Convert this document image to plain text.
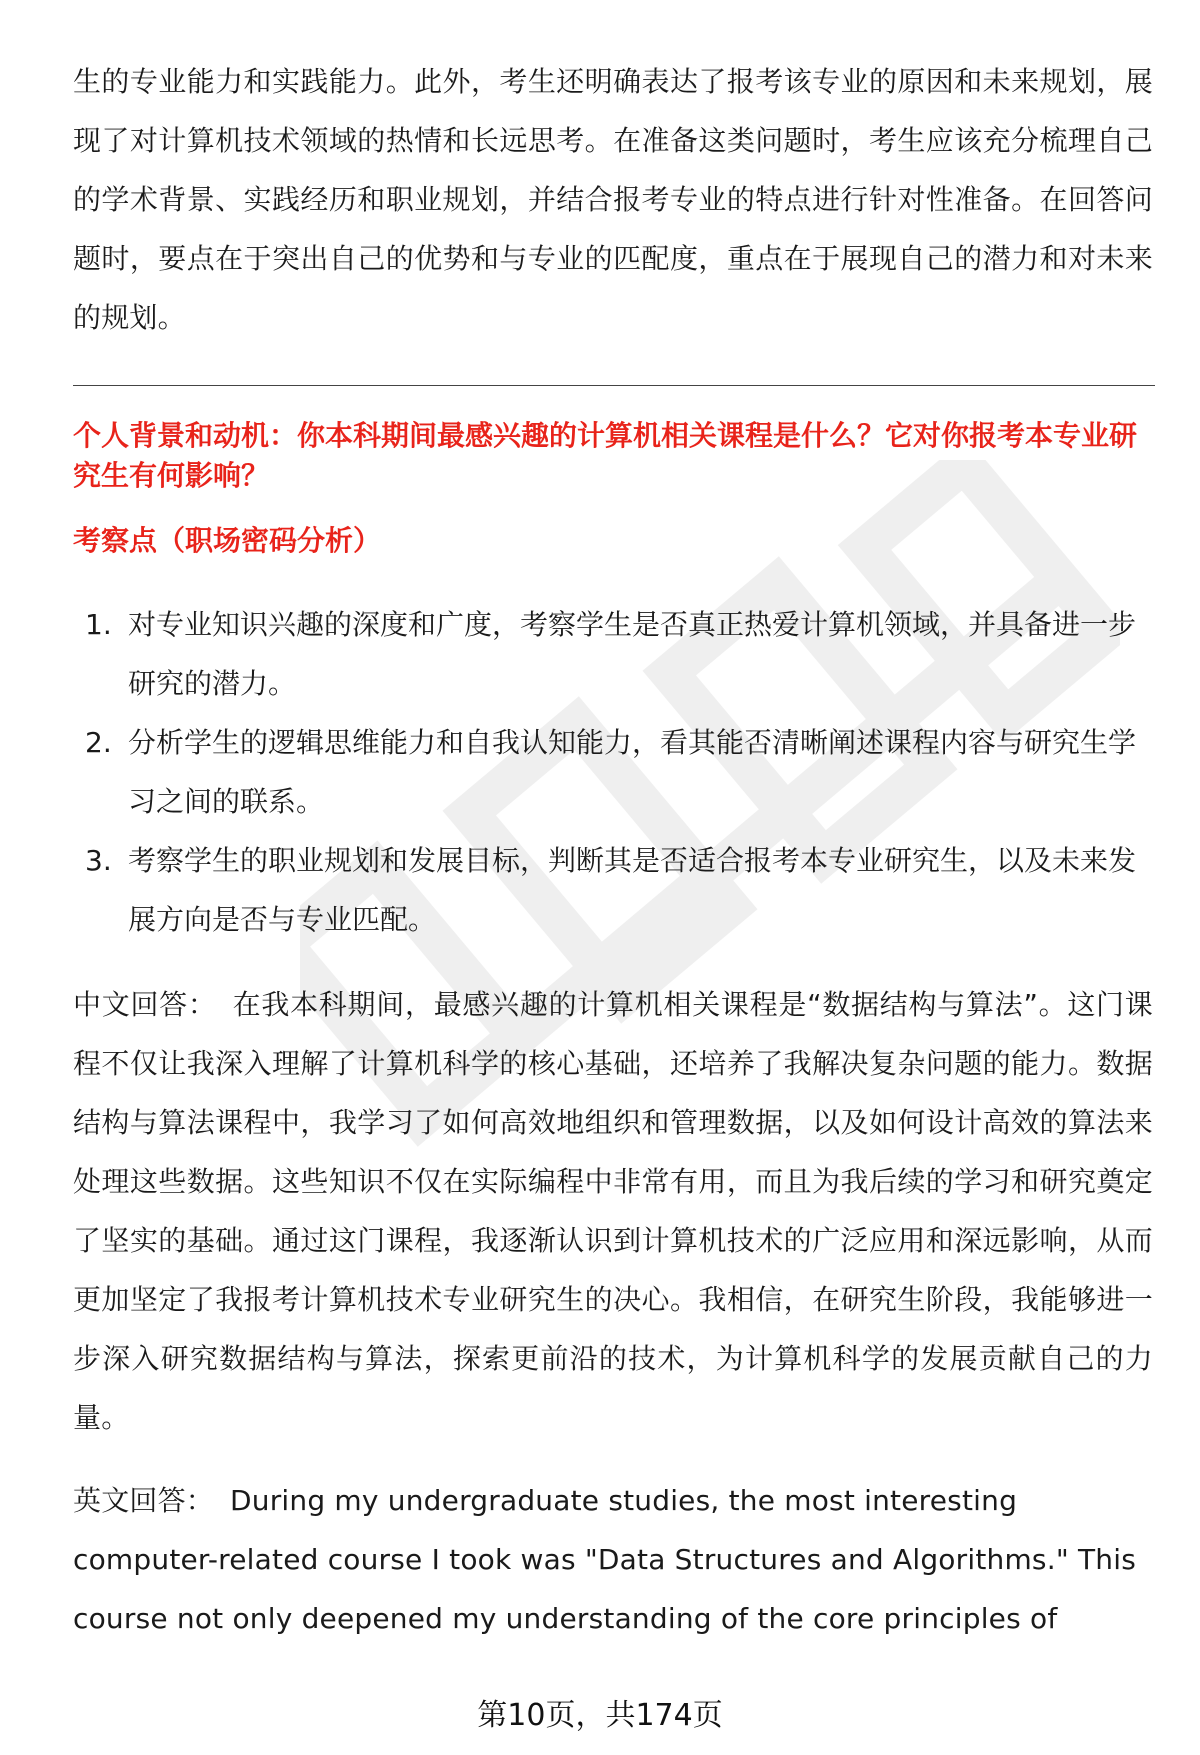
生的专业能力和实践能力。此外，考生还明确表达了报考该专业的原因和未来规划，展现了对计算机技术领域的热情和长远思考。在准备这类问题时，考生应该充分梳理自己的学术背景、实践经历和职业规划，并结合报考专业的特点进行针对性准备。在回答问题时，要点在于突出自己的优势和与专业的匹配度，重点在于展现自己的潜力和对未来的规划。

个人背景和动机：你本科期间最感兴趣的计算机相关课程是什么？它对你报考本专业研究生有何影响？
考察点（职场密码分析）
1. 对专业知识兴趣的深度和广度，考察学生是否真正热爱计算机领域，并具备进一步研究的潜力。
2. 分析学生的逻辑思维能力和自我认知能力，看其能否清晰阐述课程内容与研究生学习之间的联系。
3. 考察学生的职业规划和发展目标，判断其是否适合报考本专业研究生，以及未来发展方向是否与专业匹配。

中文回答： 在我本科期间，最感兴趣的计算机相关课程是“数据结构与算法”。这门课程不仅让我深入理解了计算机科学的核心基础，还培养了我解决复杂问题的能力。数据结构与算法课程中，我学习了如何高效地组织和管理数据，以及如何设计高效的算法来处理这些数据。这些知识不仅在实际编程中非常有用，而且为我后续的学习和研究奠定了坚实的基础。通过这门课程，我逐渐认识到计算机技术的广泛应用和深远影响，从而更加坚定了我报考计算机技术专业研究生的决心。我相信，在研究生阶段，我能够进一步深入研究数据结构与算法，探索更前沿的技术，为计算机科学的发展贡献自己的力量。

英文回答： During my undergraduate studies, the most interesting computer-related course I took was "Data Structures and Algorithms." This course not only deepened my understanding of the core principles of

第10页，共174页
